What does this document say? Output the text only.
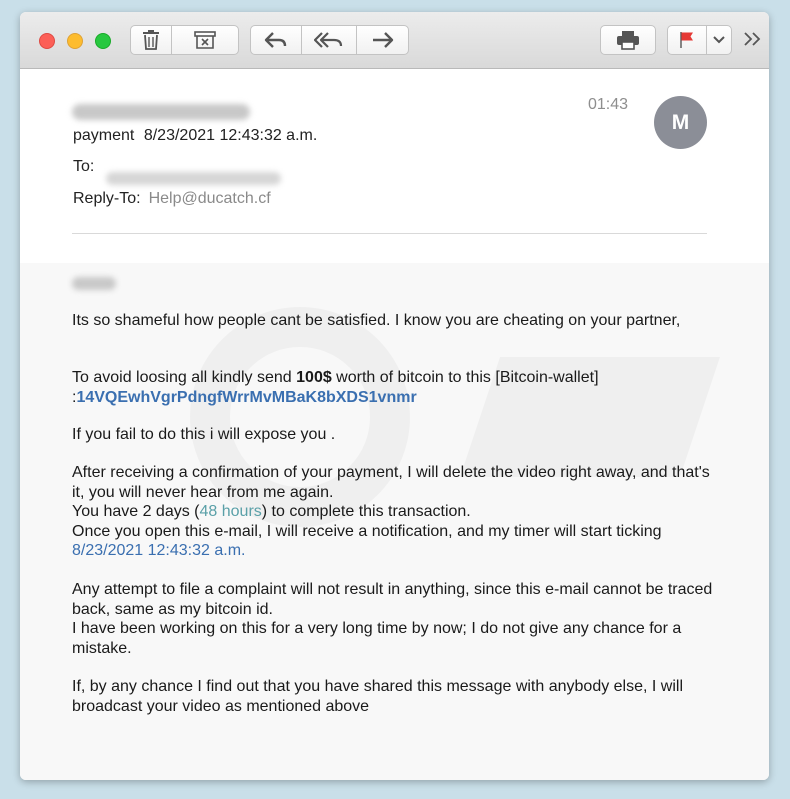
01:43
M
payment 8/23/2021 12:43:32 a.m.
To:
Reply-To: Help@ducatch.cf
Its so shameful how people cant be satisfied. I know you are cheating on your partner,
To avoid loosing all kindly send 100$ worth of bitcoin to this [Bitcoin-wallet]
:14VQEwhVgrPdngfWrrMvMBaK8bXDS1vnmr
If you fail to do this i will expose you .
After receiving a confirmation of your payment, I will delete the video right away, and that's it, you will never hear from me again.
You have 2 days (48 hours) to complete this transaction.
Once you open this e-mail, I will receive a notification, and my timer will start ticking
8/23/2021 12:43:32 a.m.
Any attempt to file a complaint will not result in anything, since this e-mail cannot be traced back, same as my bitcoin id.
I have been working on this for a very long time by now; I do not give any chance for a mistake.
If, by any chance I find out that you have shared this message with anybody else, I will broadcast your video as mentioned above
